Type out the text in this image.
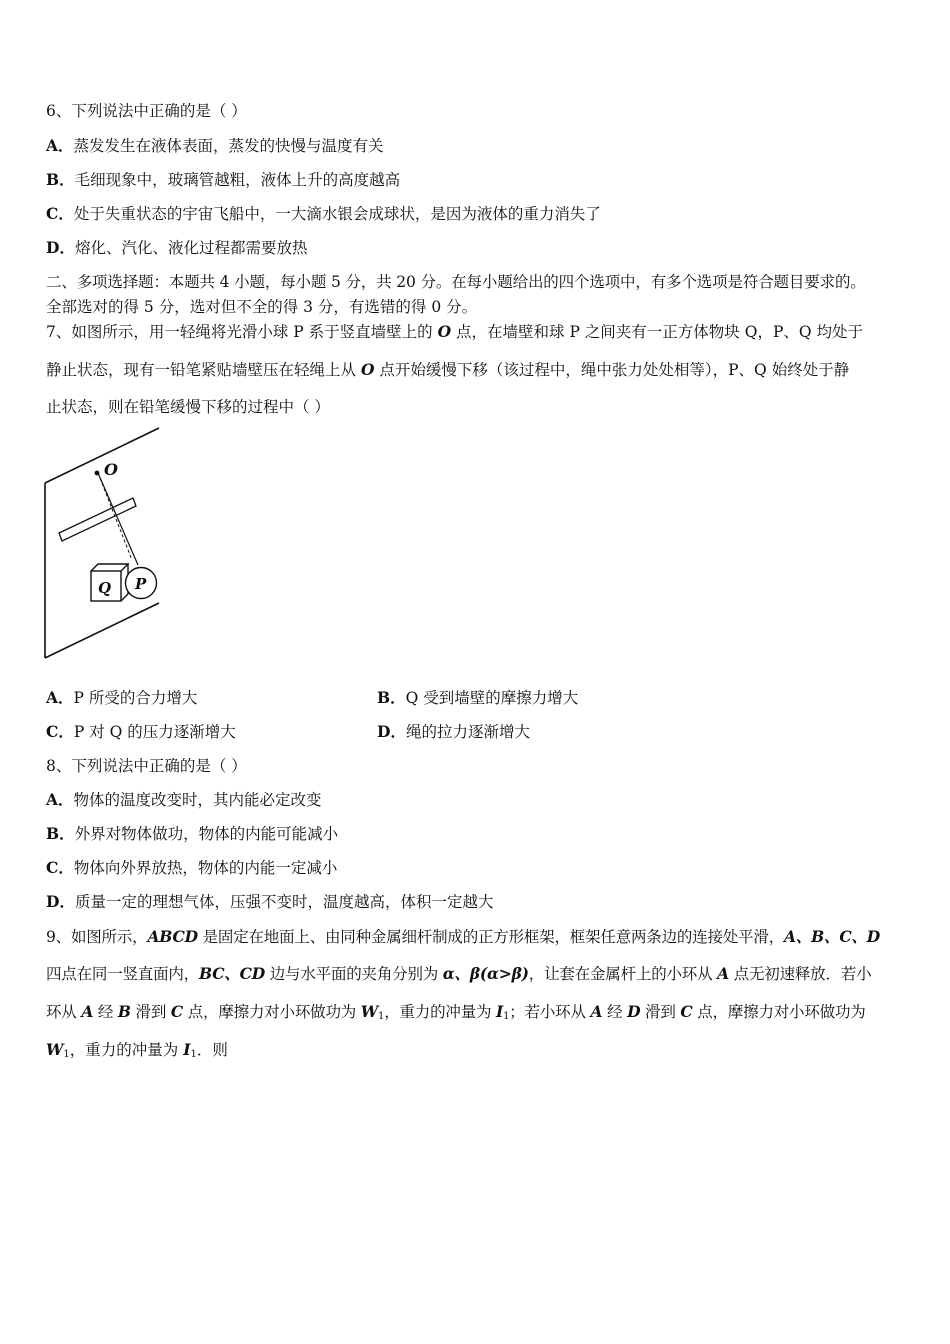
6、下列说法中正确的是（ ）
A．蒸发发生在液体表面，蒸发的快慢与温度有关
B．毛细现象中，玻璃管越粗，液体上升的高度越高
C．处于失重状态的宇宙飞船中，一大滴水银会成球状，是因为液体的重力消失了
D．熔化、汽化、液化过程都需要放热
二、多项选择题：本题共 4 小题，每小题 5 分，共 20 分。在每小题给出的四个选项中，有多个选项是符合题目要求的。
全部选对的得 5 分，选对但不全的得 3 分，有选错的得 0 分。
7、如图所示，用一轻绳将光滑小球 P 系于竖直墙壁上的 O 点，在墙壁和球 P 之间夹有一正方体物块 Q，P、Q 均处于
静止状态，现有一铅笔紧贴墙壁压在轻绳上从 O 点开始缓慢下移（该过程中，绳中张力处处相等），P、Q 始终处于静
止状态，则在铅笔缓慢下移的过程中（ ）
O
Q P
A．P 所受的合力增大	B．Q 受到墙壁的摩擦力增大
C．P 对 Q 的压力逐渐增大	D．绳的拉力逐渐增大
8、下列说法中正确的是（ ）
A．物体的温度改变时，其内能必定改变
B．外界对物体做功，物体的内能可能减小
C．物体向外界放热，物体的内能一定减小
D．质量一定的理想气体，压强不变时，温度越高，体积一定越大
9、如图所示，ABCD 是固定在地面上、由同种金属细杆制成的正方形框架，框架任意两条边的连接处平滑，A、B、C、D
四点在同一竖直面内，BC、CD 边与水平面的夹角分别为 α、β(α>β)，让套在金属杆上的小环从 A 点无初速释放．若小
环从 A 经 B 滑到 C 点，摩擦力对小环做功为 $W_1$，重力的冲量为 $I_1$；若小环从 A 经 D 滑到 C 点，摩擦力对小环做功为
$W_1$，重力的冲量为 $I_1$．则
